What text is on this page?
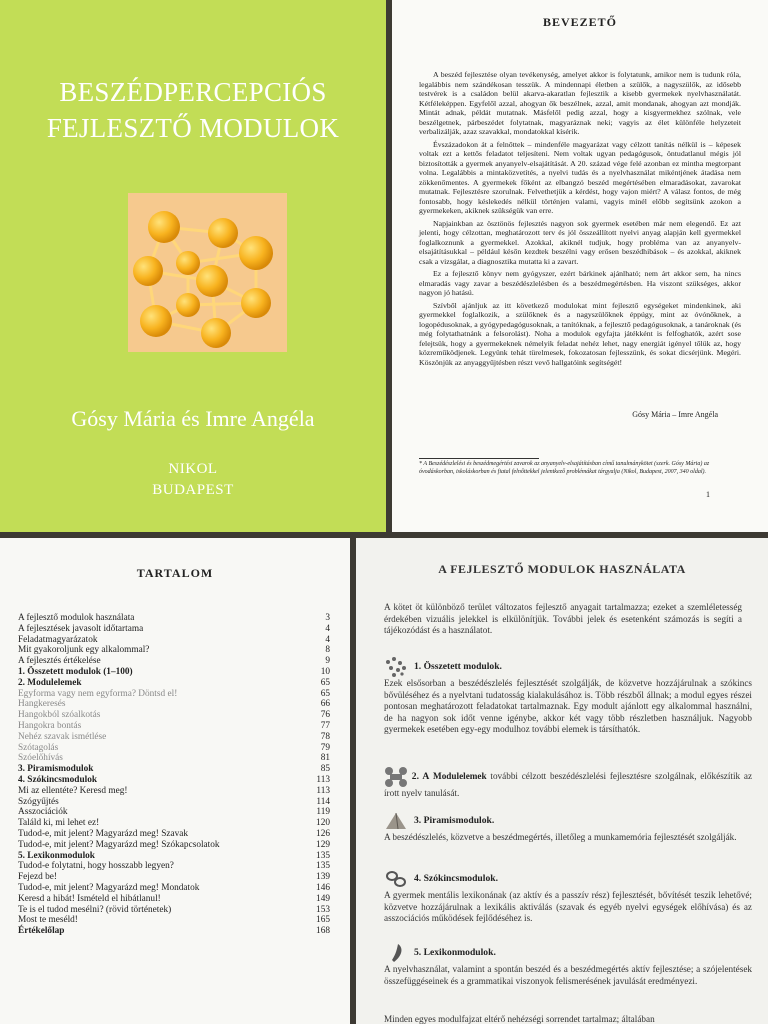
BESZÉDPERCEPCIÓS
FEJLESZTŐ MODULOK
Gósy Mária és Imre Angéla
NIKOL
BUDAPEST
BEVEZETŐ

A beszéd fejlesztése olyan tevékenység, amelyet akkor is folytatunk, amikor nem is tudunk róla, legalábbis nem szándékosan tesszük. A mindennapi életben a szülők, a nagyszülők, az idősebb testvérek is a családon belül akarva-akaratlan fejlesztik a kisebb gyermekek nyelvhasználatát. Kétféleképpen. Egyfelől azzal, ahogyan ők beszélnek, azzal, amit mondanak, ahogyan azt mondják. Mintát adnak, példát mutatnak. Másfelől pedig azzal, hogy a kisgyermekhez szólnak, vele beszélgetnek, párbeszédet folytatnak, magyaráznak neki; vagyis az élet különféle helyzeteit verbalizálják, azaz szavakkal, mondatokkal kísérik.

Évszázadokon át a felnőttek – mindenféle magyarázat vagy célzott tanítás nélkül is – képesek voltak ezt a kettős feladatot teljesíteni. Nem voltak ugyan pedagógusok, öntudatlanul mégis jól biztosították a gyermek anyanyelv-elsajátítását. A 20. század vége felé azonban ez mintha megtorpant volna. Legalábbis a mintaközvetítés, a nyelvi tudás és a nyelvhasználat mikéntjének átadása nem zökkenőmentes. A gyermekek főként az elbangzó beszéd megértésében elmaradásokat, zavarokat mutatnak. Fejlesztésre szorulnak. Felvethetjük a kérdést, hogy vajon miért? A válasz fontos, de még fontosabb, hogy késlekedés nélkül történjen valami, vagyis minél előbb segítsünk azokon a gyermekeken, akiknek szükségük van erre.

Napjainkban az ösztönös fejlesztés nagyon sok gyermek esetében már nem elegendő. Ez azt jelenti, hogy célzottan, meghatározott terv és jól összeállított nyelvi anyag alapján kell gyermekkel foglalkoznunk a gyermekkel. Azokkal, akiknél tudjuk, hogy probléma van az anyanyelv-elsajátításukkal – például későn kezdtek beszélni vagy erősen beszédhibások – és azokkal, akiknek csak a vizsgálat, a diagnosztika mutatta ki a zavart.

Ez a fejlesztő könyv nem gyógyszer, ezért bárkinek ajánlható; nem árt akkor sem, ha nincs elmaradás vagy zavar a beszédészlelésben és a beszédmegértésben. Ha viszont szükséges, akkor nagyon jó hatású.

Szívből ajánljuk az itt következő modulokat mint fejlesztő egységeket mindenkinek, aki gyermekkel foglalkozik, a szülőknek és a nagyszülőknek éppúgy, mint az óvónőknek, a logopédusoknak, a gyógypedagógusoknak, a tanítóknak, a fejlesztő pedagógusoknak, a tanároknak (és még folytathatnánk a felsorolást). Noha a modulok egyfajta játékként is felfoghatók, azért sose felejtsük, hogy a gyermekeknek némelyik feladat nehéz lehet, nagy energiát igényel tőlük az, hogy közreműködjenek. Legyünk tehát türelmesek, fokozatosan fejlesszünk, és sokat dicsérjünk. Megéri. Köszönjük az anyaggyűjtésben részt vevő hallgatóink segítségét!

Gósy Mária – Imre Angéla
* A Beszédészlelési és beszédmegértési zavarok az anyanyelv-elsajátításban című tanulmánykötet (szerk. Gósy Mária) az óvodáskorban, iskoláskorban és fiatal felnőttekkel jelentkező problémákat tárgyalja (Nikol, Budapest, 2007, 340 oldal).
1
TARTALOM
A fejlesztő modulok használata	3
A fejlesztések javasolt időtartama	4
Feladatmagyarázatok	4
Mit gyakoroljunk egy alkalommal?	8
A fejlesztés értékelése	9
1. Összetett modulok (1–100)	10
2. Modulelemek	65
Egyforma vagy nem egyforma? Döntsd el!	65
Hangkeresés	66
Hangokból szóalkotás	76
Hangokra bontás	77
Nehéz szavak ismétlése	78
Szótagolás	79
Szóelőhívás	81
3. Piramismodulok	85
4. Szókincsmodulok	113
Mi az ellentéte? Keresd meg!	113
Szógyűjtés	114
Asszociációk	119
Találd ki, mi lehet ez!	120
Tudod-e, mit jelent? Magyarázd meg! Szavak	126
Tudod-e, mit jelent? Magyarázd meg! Szókapcsolatok	129
5. Lexikonmodulok	135
Tudod-e folytatni, hogy hosszabb legyen?	135
Fejezd be!	139
Tudod-e, mit jelent? Magyarázd meg! Mondatok	146
Keresd a hibát! Ismételd el hibátlanul!	149
Te is el tudod mesélni? (rövid történetek)	153
Most te meséld!	165
Értékelőlap	168
A FEJLESZTŐ MODULOK HASZNÁLATA
A kötet öt különböző terület változatos fejlesztő anyagait tartalmazza; ezeket a szemléletesség érdekében vizuális jelekkel is elkülönítjük. További jelek és esetenként számozás is segíti a tájékozódást és a használatot.
1. Összetett modulok.
Ezek elsősorban a beszédészlelés fejlesztését szolgálják, de közvetve hozzájárulnak a szókincs bővüléséhez és a nyelvtani tudatosság kialakulásához is. Több részből állnak; a modul egyes részei pontosan meghatározott feladatokat tartalmaznak. Egy modult ajánlott egy alkalommal használni, de ha nagyon sok időt venne igénybe, akkor két vagy több részletben használjuk. Nagyobb gyermekek esetében egy-egy modulhoz további elemek is társíthatók.
2. A Modulelemek további célzott beszédészlelési fejlesztésre szolgálnak, előkészítik az írott nyelv tanulását.
3. Piramismodulok.
A beszédészlelés, közvetve a beszédmegértés, illetőleg a munkamemória fejlesztését szolgálják.
4. Szókincsmodulok.
A gyermek mentális lexikonának (az aktív és a passzív rész) fejlesztését, bővítését teszik lehetővé; közvetve hozzájárulnak a lexikális aktiválás (szavak és egyéb nyelvi egységek előhívása) és az asszociációs működések fejlődéséhez is.
5. Lexikonmodulok.
A nyelvhasználat, valamint a spontán beszéd és a beszédmegértés aktív fejlesztése; a szójelentések összefüggéseinek és a grammatikai viszonyok felismerésének javulását eredményezi.
Minden egyes modulfajzat eltérő nehézségi sorrendet tartalmaz; általában
